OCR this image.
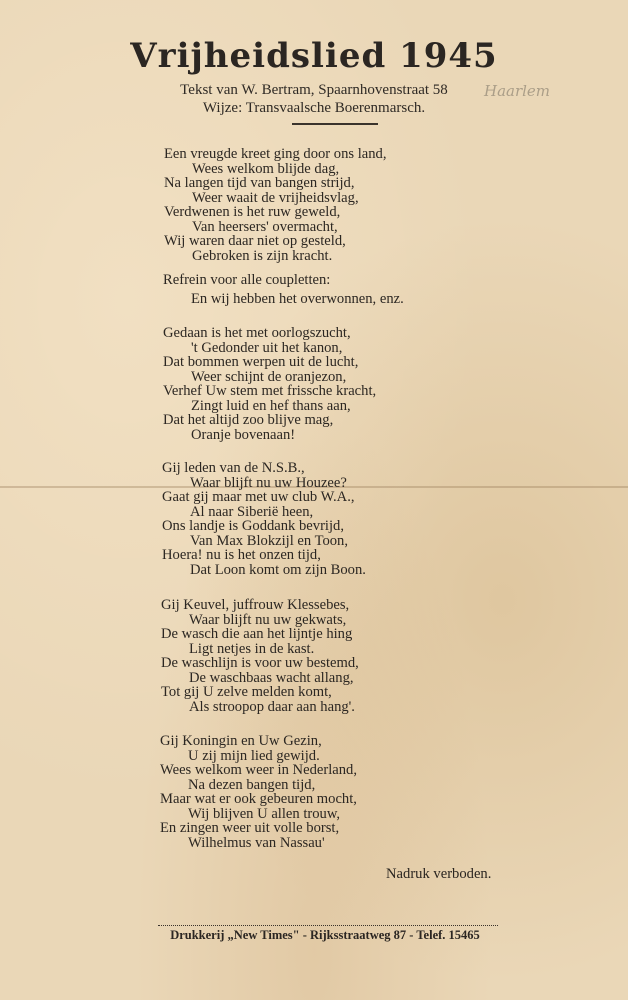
Vrijheidslied 1945
Tekst van W. Bertram, Spaarnhovenstraat 58	Haarlem
Wijze: Transvaalsche Boerenmarsch.
Een vreugde kreet ging door ons land,
Wees welkom blijde dag,
Na langen tijd van bangen strijd,
Weer waait de vrijheidsvlag,
Verdwenen is het ruw geweld,
Van heersers' overmacht,
Wij waren daar niet op gesteld,
Gebroken is zijn kracht.
Refrein voor alle coupletten:
En wij hebben het overwonnen, enz.
Gedaan is het met oorlogszucht,
't Gedonder uit het kanon,
Dat bommen werpen uit de lucht,
Weer schijnt de oranjezon,
Verhef Uw stem met frissche kracht,
Zingt luid en hef thans aan,
Dat het altijd zoo blijve mag,
Oranje bovenaan!
Gij leden van de N.S.B.,
Waar blijft nu uw Houzee?
Gaat gij maar met uw club W.A.,
Al naar Siberië heen,
Ons landje is Goddank bevrijd,
Van Max Blokzijl en Toon,
Hoera! nu is het onzen tijd,
Dat Loon komt om zijn Boon.
Gij Keuvel, juffrouw Klessebes,
Waar blijft nu uw gekwats,
De wasch die aan het lijntje hing
Ligt netjes in de kast.
De waschlijn is voor uw bestemd,
De waschbaas wacht allang,
Tot gij U zelve melden komt,
Als stroopop daar aan hang'.
Gij Koningin en Uw Gezin,
U zij mijn lied gewijd.
Wees welkom weer in Nederland,
Na dezen bangen tijd,
Maar wat er ook gebeuren mocht,
Wij blijven U allen trouw,
En zingen weer uit volle borst,
Wilhelmus van Nassau'
Nadruk verboden.
Drukkerij „New Times" - Rijksstraatweg 87 - Telef. 15465
